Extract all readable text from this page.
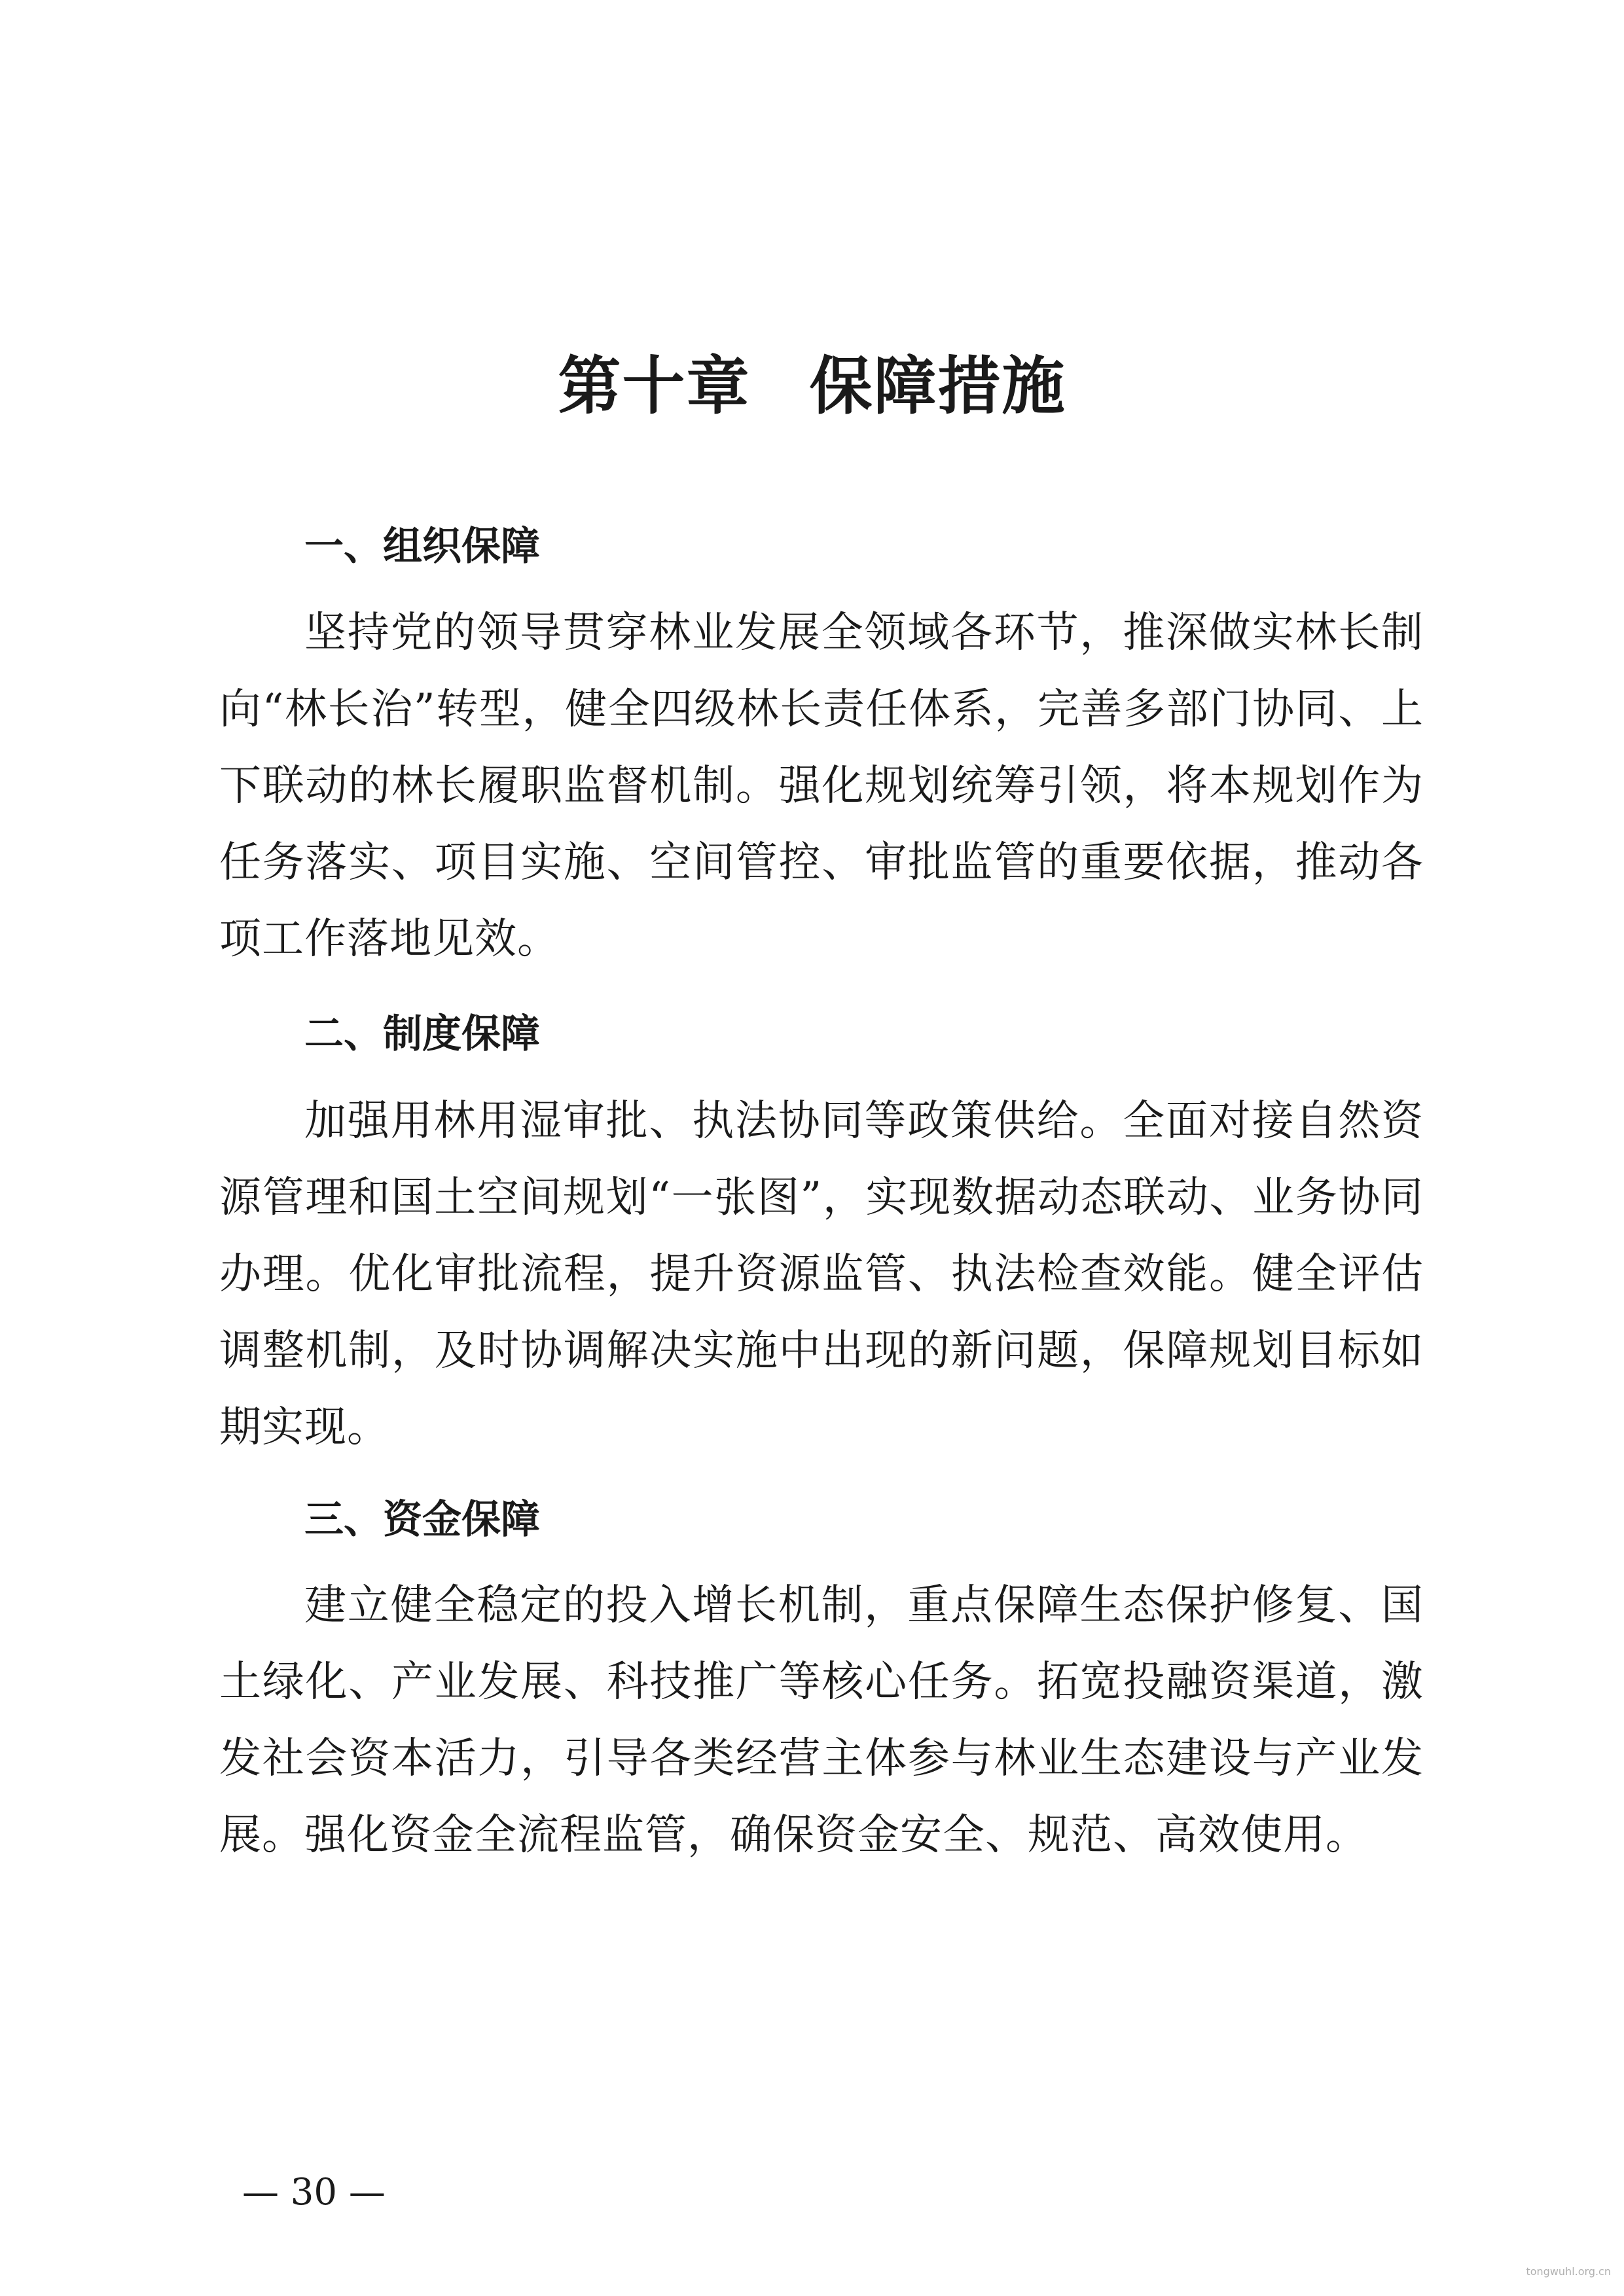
第十章 保障措施
一、组织保障

坚持党的领导贯穿林业发展全领域各环节，推深做实林长制向“林长治”转型，健全四级林长责任体系，完善多部门协同、上下联动的林长履职监督机制。强化规划统筹引领，将本规划作为任务落实、项目实施、空间管控、审批监管的重要依据，推动各项工作落地见效。

二、制度保障

加强用林用湿审批、执法协同等政策供给。全面对接自然资源管理和国土空间规划“一张图”，实现数据动态联动、业务协同办理。优化审批流程，提升资源监管、执法检查效能。健全评估调整机制，及时协调解决实施中出现的新问题，保障规划目标如期实现。

三、资金保障

建立健全稳定的投入增长机制，重点保障生态保护修复、国土绿化、产业发展、科技推广等核心任务。拓宽投融资渠道，激发社会资本活力，引导各类经营主体参与林业生态建设与产业发展。强化资金全流程监管，确保资金安全、规范、高效使用。

— 30 —
tongwuhl.org.cn
